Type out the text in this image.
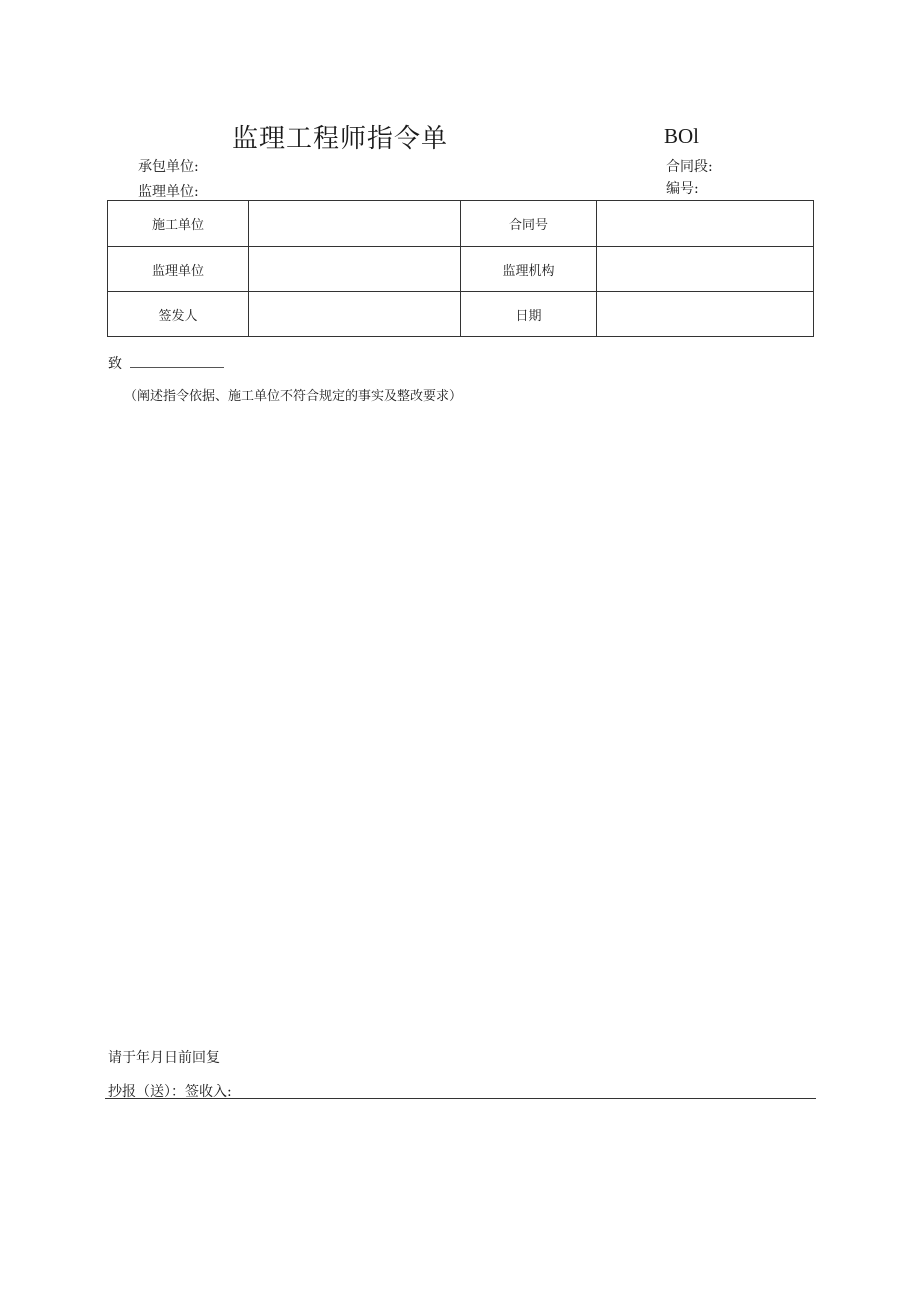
监理工程师指令单	BOl
承包单位:
监理单位:
合同段:
编号:
施工单位		合同号	
监理单位		监理机构	
签发人		日期	
致
（阐述指令依据、施工单位不符合规定的事实及整改要求）
请于年月日前回复
抄报（送）：签收入:
